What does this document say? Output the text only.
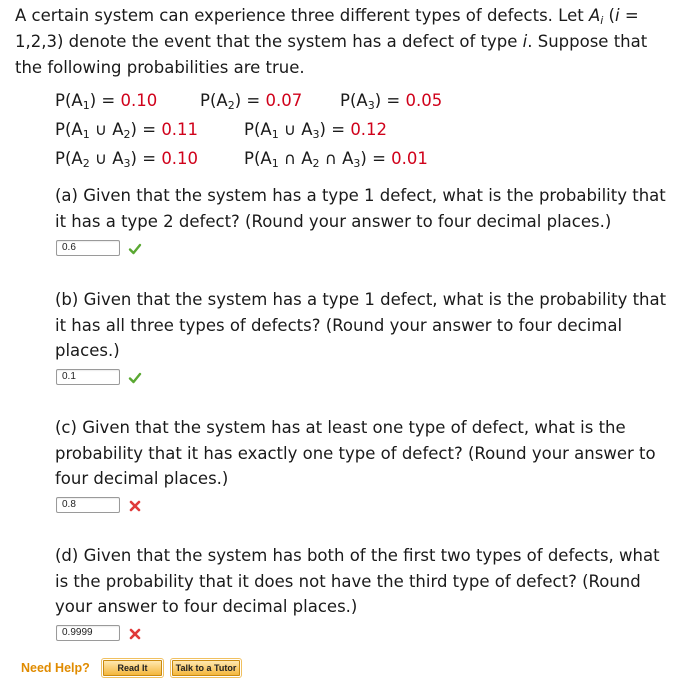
A certain system can experience three different types of defects. Let $A_i$ (i = 1,2,3) denote the event that the system has a defect of type i. Suppose that the following probabilities are true.
$P(A_1) = 0.10$	$P(A_2) = 0.07$ $P(A_3) = 0.05$
$P(A_1$ ∪ $A_2) = 0.11$	$P(A_1$ ∪ $A_3) = 0.12$
$P(A_2$ ∪ $A_3) = 0.10$	$P(A_1$ ∩ $A_2$ ∩ $A_3) = 0.01$
(a) Given that the system has a type 1 defect, what is the probability that it has a type 2 defect? (Round your answer to four decimal places.)
0.6
(b) Given that the system has a type 1 defect, what is the probability that it has all three types of defects? (Round your answer to four decimal places.)
0.1
(c) Given that the system has at least one type of defect, what is the probability that it has exactly one type of defect? (Round your answer to four decimal places.)
0.8
(d) Given that the system has both of the first two types of defects, what is the probability that it does not have the third type of defect? (Round your answer to four decimal places.)
0.9999
Need Help?	Read It	Talk to a Tutor
